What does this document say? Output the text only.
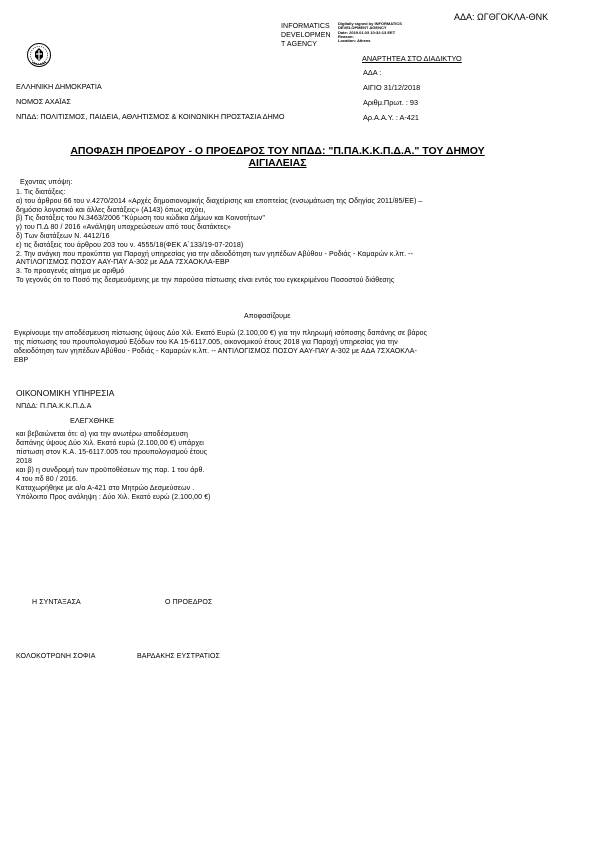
ΑΔΑ: ΩΓΘΓΟΚΛΑ-ΘΝΚ
INFORMATICS
DEVELOPMEN
T AGENCY
Digitally signed by INFORMATICS
DEVELOPMENT AGENCY
Date: 2019.01.03 10:32:13 EET
Reason:
Location: Athens
ΑΝΑΡΤΗΤΕΑ ΣΤΟ ΔΙΑΔΙΚΤΥΟ
ΕΛΛΗΝΙΚΗ ΔΗΜΟΚΡΑΤΙΑ
ΝΟΜΟΣ ΑΧΑΪΑΣ
ΝΠΔΔ: ΠΟΛΙΤΙΣΜΟΣ, ΠΑΙΔΕΙΑ, ΑΘΛΗΤΙΣΜΟΣ & ΚΟΙΝΩΝΙΚΗ ΠΡΟΣΤΑΣΙΑ ΔΗΜΟ
ΑΔΑ :
ΑΙΓΙΟ 31/12/2018
Αριθμ.Πρωτ. : 93
Αρ.Α.Α.Υ. : Α-421
ΑΠΟΦΑΣΗ ΠΡΟΕΔΡΟΥ - Ο ΠΡΟΕΔΡΟΣ ΤΟΥ ΝΠΔΔ: "Π.ΠΑ.Κ.Κ.Π.Δ.Α." ΤΟΥ ΔΗΜΟΥ
ΑΙΓΙΑΛΕΙΑΣ
Εχοντας υπόψη:
1. Τις διατάξεις:
α) του άρθρου 66 του ν.4270/2014 «Αρχές δημοσιονομικής διαχείρισης και εποπτείας (ενσωμάτωση της Οδηγίας 2011/85/ΕΕ) –
δημόσιο λογιστικό και άλλες διατάξεις» (Α143) όπως ισχύει,
β) Τις διατάξεις του Ν.3463/2006 "Κύρωση του κώδικα Δήμων και Κοινοτήτων"
γ) του Π.Δ 80 / 2016 «Ανάληψη υποχρεώσεων από τους διατάκτες»
δ) Των διατάξεων Ν. 4412/16
ε) τις διατάξεις του άρθρου 203 του ν. 4555/18(ΦΕΚ Α΄133/19-07-2018)
2. Την ανάγκη που προκύπτει για Παροχή υπηρεσίας για την αδειοδότηση των γηπέδων Αβύθου - Ροδιάς - Καμαρών κ.λπ. --
ΑΝΤΙΛΟΓΙΣΜΟΣ ΠΟΣΟΥ ΑΑΥ-ΠΑΥ Α-302 με ΑΔΑ 7ΣΧΑΟΚΛΑ-ΕΒΡ
3. Το προαγενές αίτημα με αριθμό
Το γεγονός ότι το Ποσό της δεσμευόμενης με την παρούσα πίστωσης είναι εντός του εγκεκριμένου Ποσοστού διάθεσης
Αποφασίζουμε
Εγκρίνουμε την αποδέσμευση πίστωσης ύψους Δύο Χιλ. Εκατό Ευρώ (2.100,00 €) για την πληρωμή ισόποσης δαπάνης σε βάρος
της πίστωσης του προυπολογισμού Εξόδων του ΚΑ 15-6117.005, οικονομικού έτους 2018 για Παροχή υπηρεσίας για την
αδειοδότηση των γηπέδων Αβύθου - Ροδιάς - Καμαρών κ.λπ. -- ΑΝΤΙΛΟΓΙΣΜΟΣ ΠΟΣΟΥ ΑΑΥ-ΠΑΥ Α-302 με ΑΔΑ 7ΣΧΑΟΚΛΑ-
ΕΒΡ
ΟΙΚΟΝΟΜΙΚΗ ΥΠΗΡΕΣΙΑ
ΝΠΔΔ: Π.ΠΑ.Κ.Κ.Π.Δ.Α
ΕΛΕΓΧΘΗΚΕ
και βεβαιώνεται ότι: α) για την ανωτέρω αποδέσμευση
δαπάνης ύψους Δύο Χιλ. Εκατό ευρώ (2.100,00 €) υπάρχει
πίστωση στον Κ.Α. 15-6117.005 του προυπολογισμού έτους
2018
και β) η συνδρομή των προϋποθέσεων της παρ. 1 του άρθ.
4 του πδ 80 / 2016.
Καταχωρήθηκε με α/α Α-421 στο Μητρώο Δεσμεύσεων .
Υπόλοιπο Προς ανάληψη : Δύο Χιλ. Εκατό ευρώ (2.100,00 €)
Η ΣΥΝΤΑΞΑΣΑ	Ο ΠΡΟΕΔΡΟΣ
ΚΟΛΟΚΟΤΡΩΝΗ ΣΟΦΙΑ	ΒΑΡΔΑΚΗΣ ΕΥΣΤΡΑΤΙΟΣ
